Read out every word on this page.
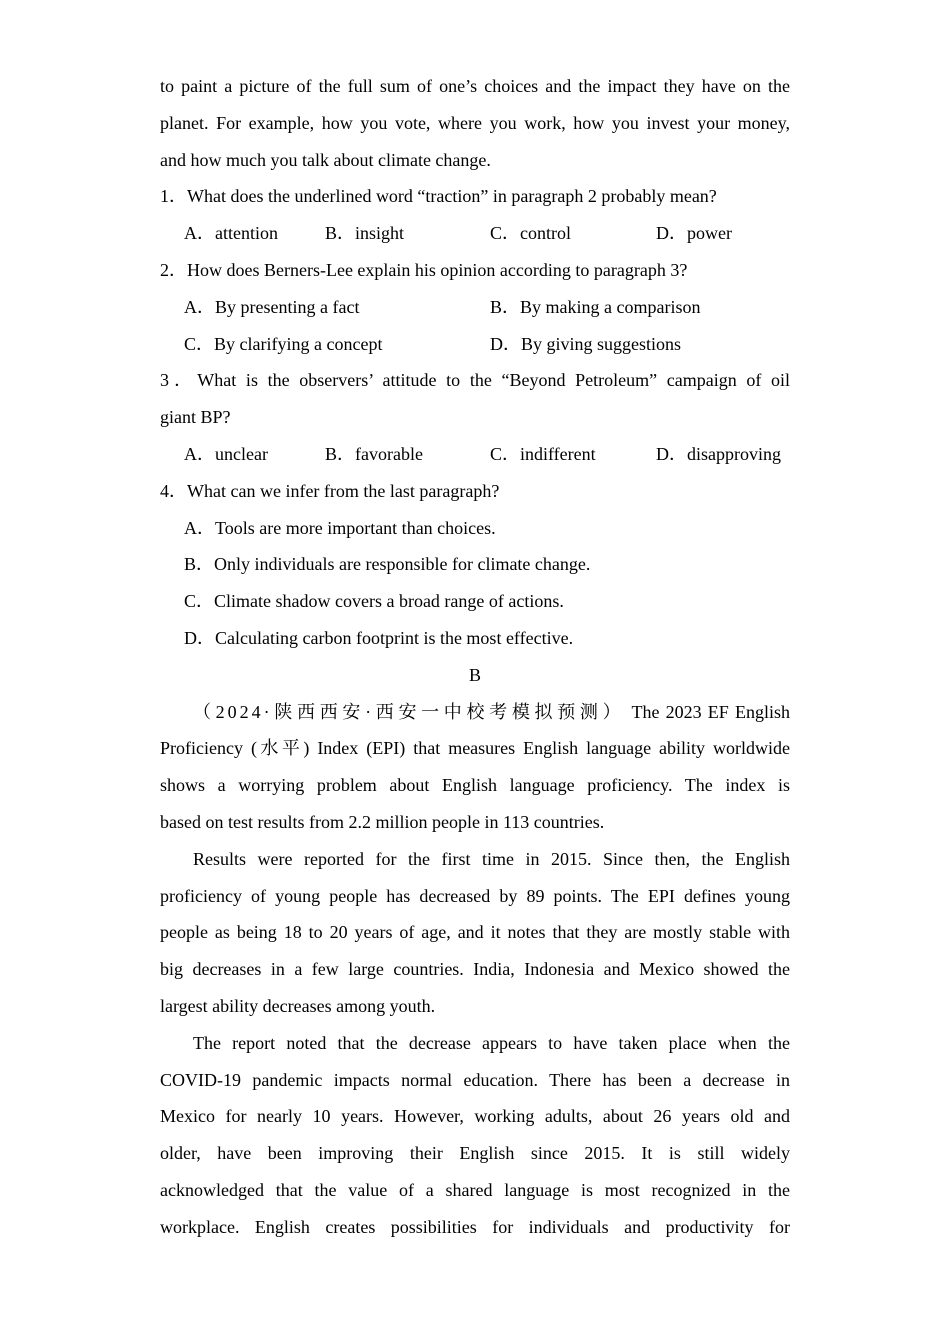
to paint a picture of the full sum of one’s choices and the impact they have on the
planet. For example, how you vote, where you work, how you invest your money,
and how much you talk about climate change.
1．What does the underlined word “traction” in paragraph 2 probably mean?
A．attention	B．insight	C．control	D．power
2．How does Berners-Lee explain his opinion according to paragraph 3?
A．By presenting a fact	B．By making a comparison
C．By clarifying a concept	D．By giving suggestions
3．What is the observers’ attitude to the “Beyond Petroleum” campaign of oil
giant BP?
A．unclear	B．favorable	C．indifferent	D．disapproving
4．What can we infer from the last paragraph?
A．Tools are more important than choices.
B．Only individuals are responsible for climate change.
C．Climate shadow covers a broad range of actions.
D．Calculating carbon footprint is the most effective.
B
（2024·陕西西安·西安一中校考模拟预测） The 2023 EF English
Proficiency (水平) Index (EPI) that measures English language ability worldwide
shows a worrying problem about English language proficiency. The index is
based on test results from 2.2 million people in 113 countries.
Results were reported for the first time in 2015. Since then, the English
proficiency of young people has decreased by 89 points. The EPI defines young
people as being 18 to 20 years of age, and it notes that they are mostly stable with
big decreases in a few large countries. India, Indonesia and Mexico showed the
largest ability decreases among youth.
The report noted that the decrease appears to have taken place when the
COVID-19 pandemic impacts normal education. There has been a decrease in
Mexico for nearly 10 years. However, working adults, about 26 years old and
older, have been improving their English since 2015. It is still widely
acknowledged that the value of a shared language is most recognized in the
workplace. English creates possibilities for individuals and productivity for
